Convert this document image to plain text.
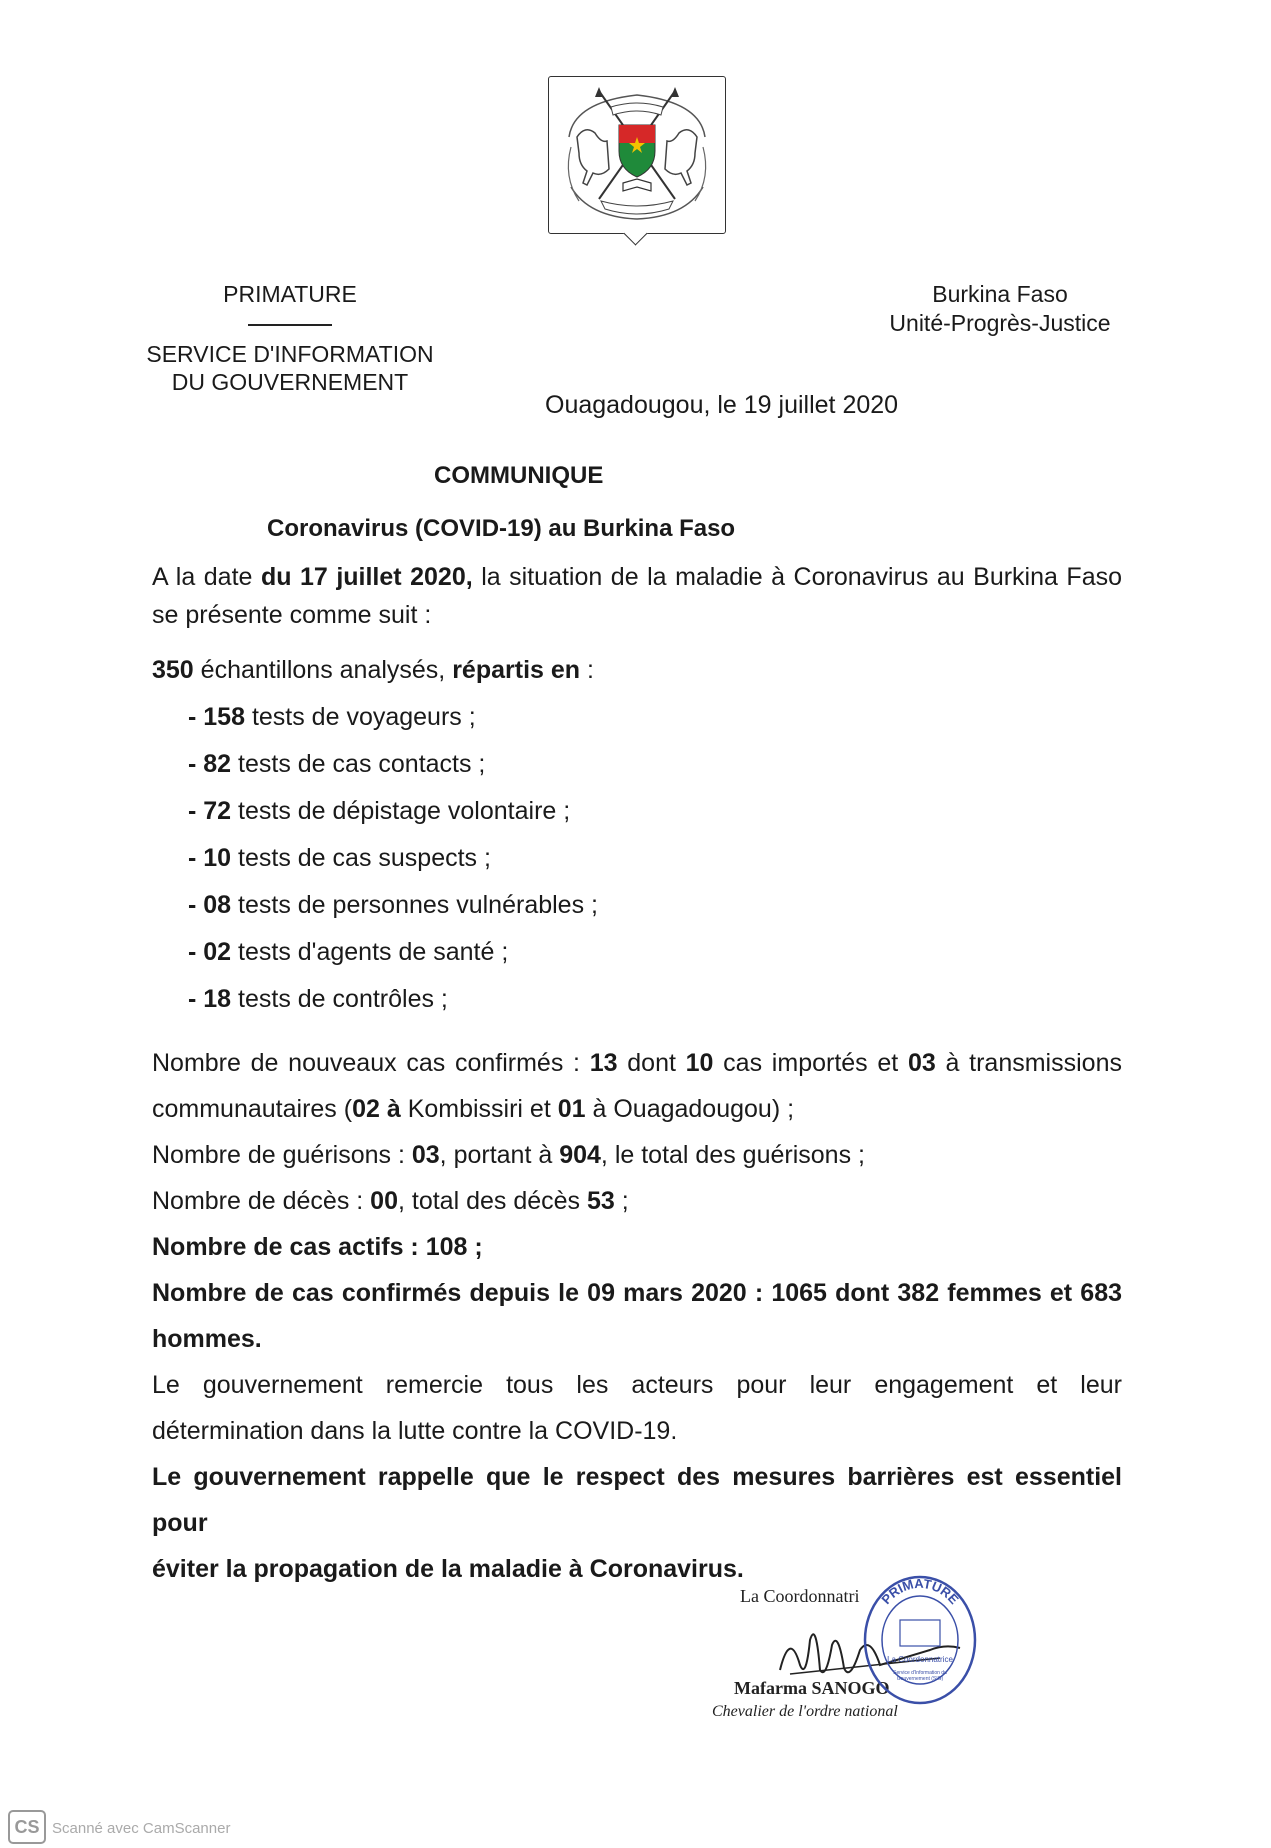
PRIMATURE
SERVICE D'INFORMATION
DU GOUVERNEMENT
Burkina Faso
Unité-Progrès-Justice
Ouagadougou, le 19 juillet 2020
COMMUNIQUE
Coronavirus (COVID-19) au Burkina Faso
A la date du 17 juillet 2020, la situation de la maladie à Coronavirus au Burkina Faso
se présente comme suit :
350 échantillons analysés, répartis en :
- 158 tests de voyageurs ;
- 82 tests de cas contacts ;
- 72 tests de dépistage volontaire ;
- 10 tests de cas suspects ;
- 08 tests de personnes vulnérables ;
- 02 tests d'agents de santé ;
- 18 tests de contrôles ;
Nombre de nouveaux cas confirmés : 13 dont 10 cas importés et 03 à transmissions
communautaires (02 à Kombissiri et 01 à Ouagadougou) ;
Nombre de guérisons : 03, portant à 904, le total des guérisons ;
Nombre de décès : 00, total des décès 53 ;
Nombre de cas actifs : 108 ;
Nombre de cas confirmés depuis le 09 mars 2020 : 1065 dont 382 femmes et 683
hommes.
Le gouvernement remercie tous les acteurs pour leur engagement et leur
détermination dans la lutte contre la COVID-19.
Le gouvernement rappelle que le respect des mesures barrières est essentiel pour
éviter la propagation de la maladie à Coronavirus.
La Coordonnatri
Mafarma SANOGO
Chevalier de l'ordre national
PRIMATURE
La Coordonnatrice
Service d'Information du Gouvernement (SIG)
CS Scanné avec CamScanner
